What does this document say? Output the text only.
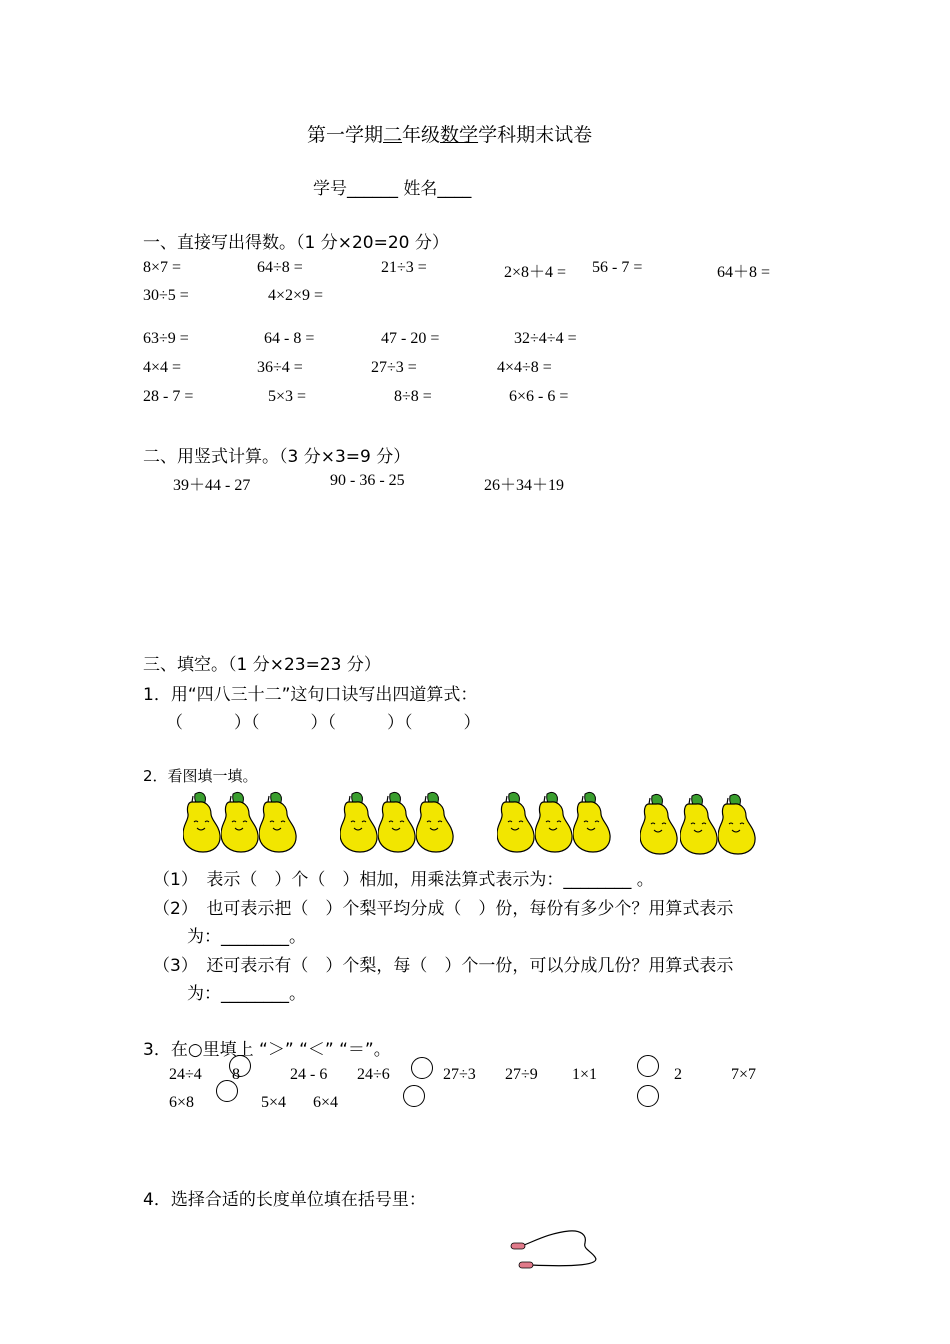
第一学期二年级数学学科期末试卷
学号______ 姓名____
一、直接写出得数。（1 分×20=20 分）
8×7 =	64÷8 =	21÷3 =	2×8＋4 = 56 - 7 =	64＋8 =
30÷5 =	4×2×9 =
63÷9 =	64 - 8 =	47 - 20 =	32÷4÷4 =
4×4 =	36÷4 =	27÷3 =	4×4÷8 =
28 - 7 =	5×3 =	8÷8 =	6×6 - 6 =
二、用竖式计算。（3 分×3=9 分）
39＋44 - 27	90 - 36 - 25	26＋34＋19
三、填空。（1 分×23=23 分）
1．用“四八三十二”这句口诀写出四道算式：
（　　　）（　　　）（　　　）（　　　）
2．看图填一填。
（1）　表示（　）个（　）相加，用乘法算式表示为：________ 。
（2）　也可表示把（　）个梨平均分成（　）份，每份有多少个？用算式表示
　　为：________。
（3）　还可表示有（　）个梨，每（　）个一份，可以分成几份？用算式表示
　　为：________。
3．在○里填上 “＞” “＜” “＝”。
24÷4 8	24 - 6 24÷6	27÷3 27÷9 1×1	2	7×7
6×8	5×4 6×4
4．选择合适的长度单位填在括号里：
